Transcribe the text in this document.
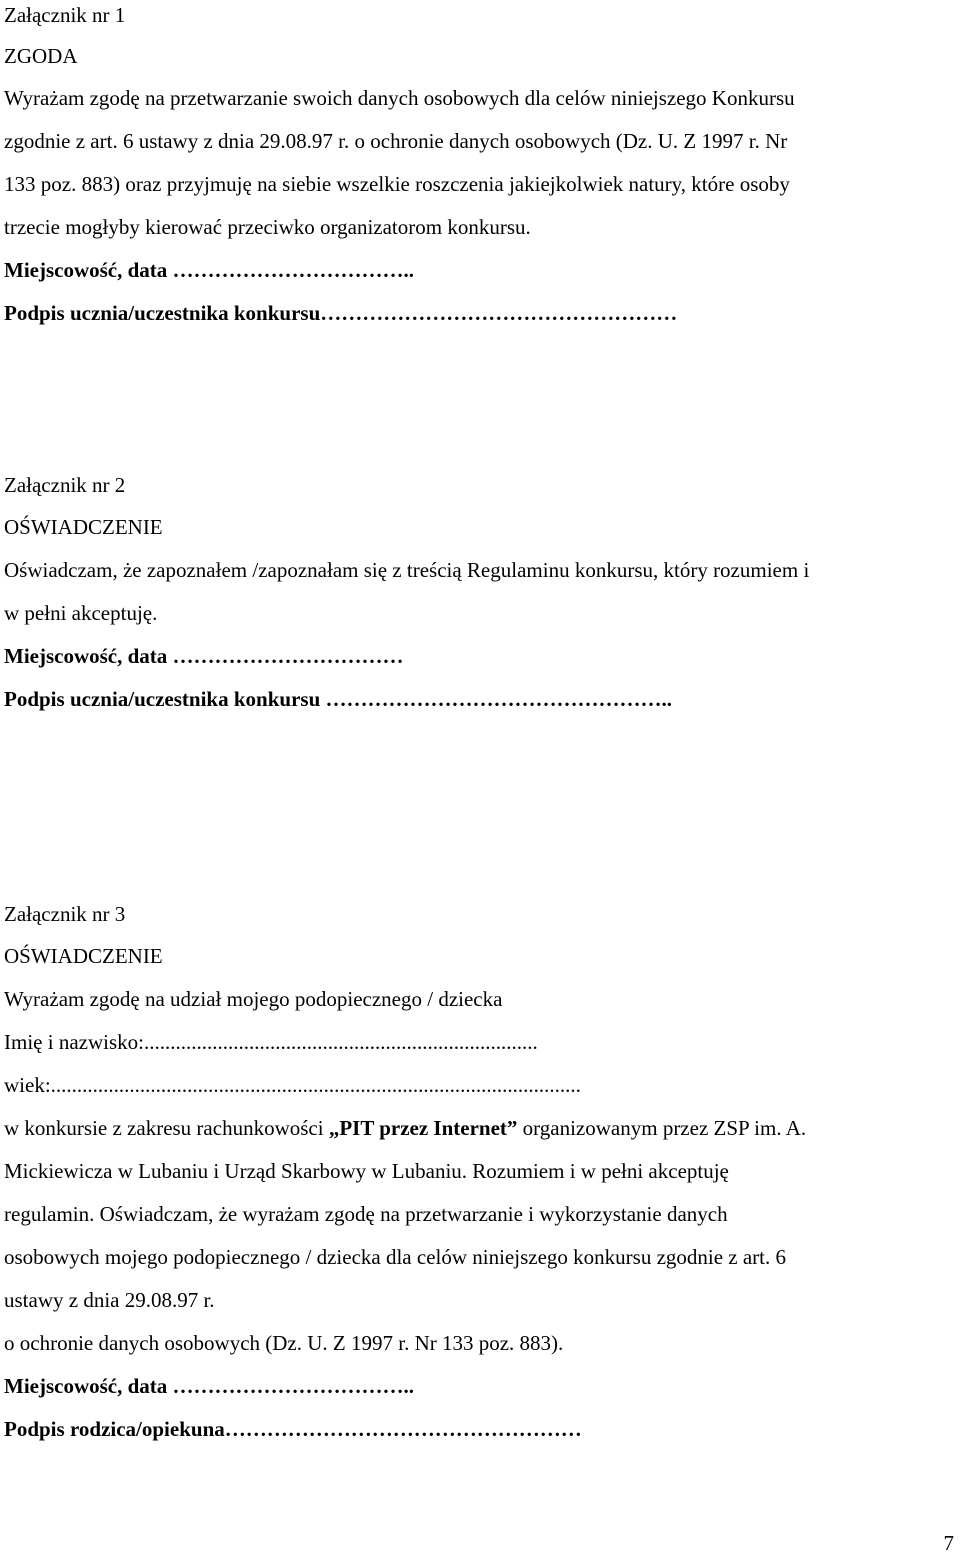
Załącznik nr 1
ZGODA
Wyrażam zgodę na przetwarzanie swoich danych osobowych dla celów niniejszego Konkursu
zgodnie z art. 6 ustawy z dnia 29.08.97 r. o ochronie danych osobowych (Dz. U. Z 1997 r. Nr
133 poz. 883) oraz przyjmuję na siebie wszelkie roszczenia jakiejkolwiek natury, które osoby
trzecie mogłyby kierować przeciwko organizatorom konkursu.
Miejscowość, data ……………………………..
Podpis ucznia/uczestnika konkursu……………………………………………
Załącznik nr 2
OŚWIADCZENIE
Oświadczam, że zapoznałem /zapoznałam się z treścią Regulaminu konkursu, który rozumiem i
w pełni akceptuję.
Miejscowość, data ……………………………
Podpis ucznia/uczestnika konkursu …………………………………………..
Załącznik nr 3
OŚWIADCZENIE
Wyrażam zgodę na udział mojego podopiecznego / dziecka
Imię i nazwisko:...........................................................................
wiek:.....................................................................................................
w konkursie z zakresu rachunkowości „PIT przez Internet” organizowanym przez ZSP im. A.
Mickiewicza w Lubaniu i Urząd Skarbowy w Lubaniu. Rozumiem i w pełni akceptuję
regulamin. Oświadczam, że wyrażam zgodę na przetwarzanie i wykorzystanie danych
osobowych mojego podopiecznego / dziecka dla celów niniejszego konkursu zgodnie z art. 6
ustawy z dnia 29.08.97 r.
o ochronie danych osobowych (Dz. U. Z 1997 r. Nr 133 poz. 883).
Miejscowość, data ……………………………..
Podpis rodzica/opiekuna……………………………………………
7
